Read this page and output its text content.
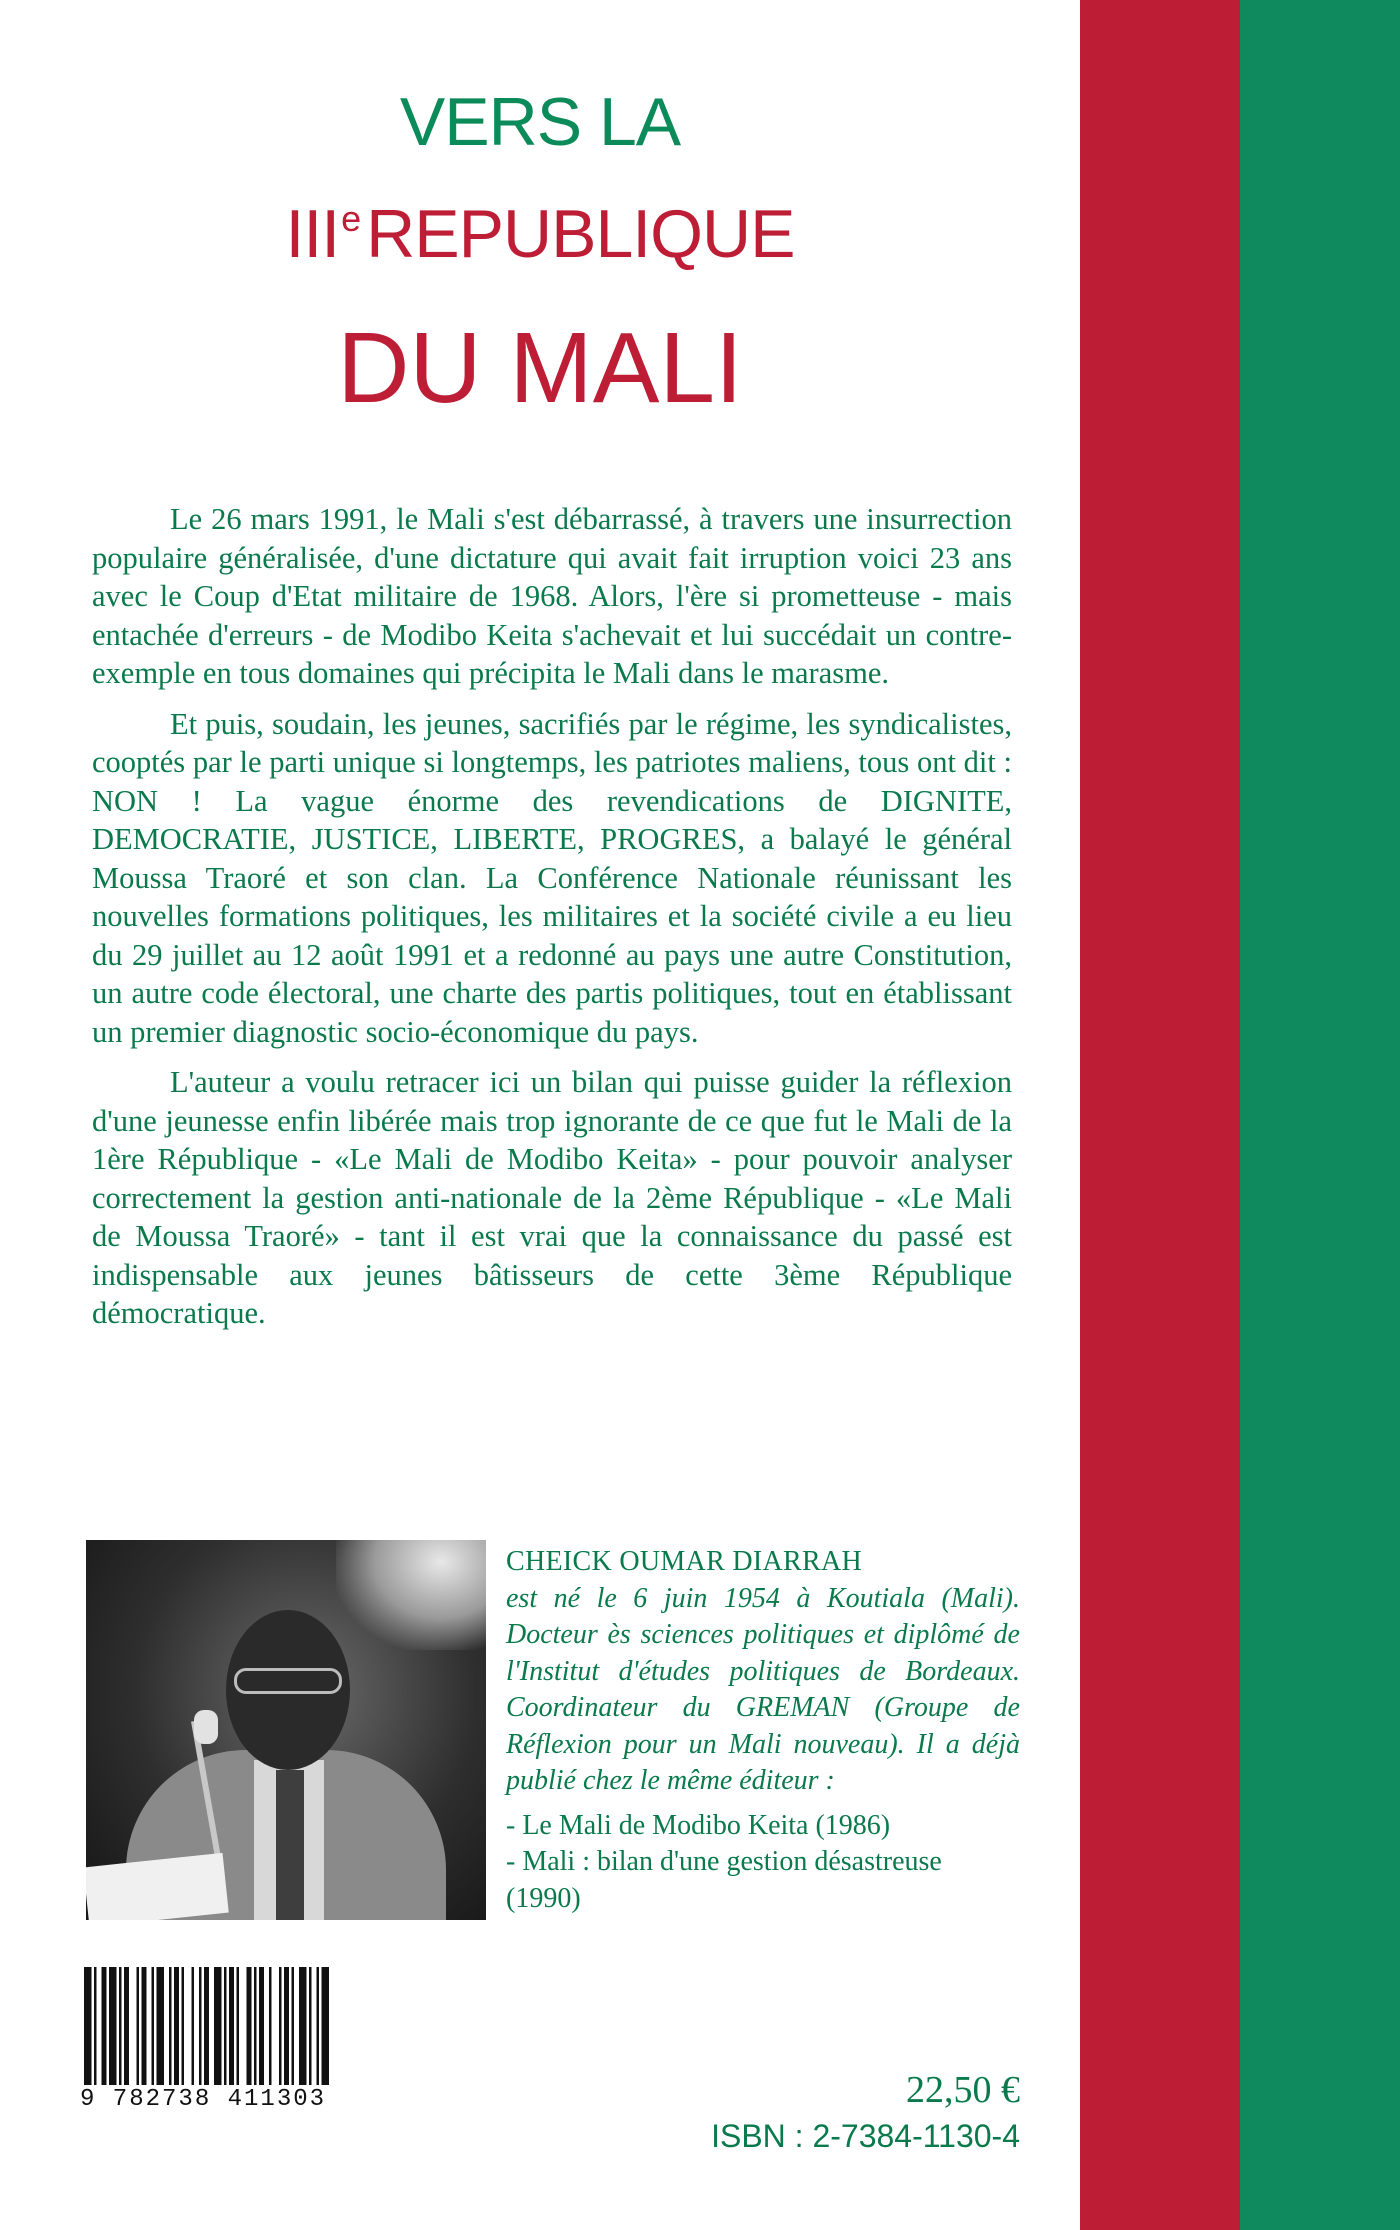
VERS LA
IIIeREPUBLIQUE
DU MALI

Le 26 mars 1991, le Mali s'est débarrassé, à travers une insurrection populaire généralisée, d'une dictature qui avait fait irruption voici 23 ans avec le Coup d'Etat militaire de 1968. Alors, l'ère si prometteuse - mais entachée d'erreurs - de Modibo Keita s'achevait et lui succédait un contre-exemple en tous domaines qui précipita le Mali dans le marasme.

Et puis, soudain, les jeunes, sacrifiés par le régime, les syndicalistes, cooptés par le parti unique si longtemps, les patriotes maliens, tous ont dit : NON ! La vague énorme des revendications de DIGNITE, DEMOCRATIE, JUSTICE, LIBERTE, PROGRES, a balayé le général Moussa Traoré et son clan. La Conférence Nationale réunissant les nouvelles formations politiques, les militaires et la société civile a eu lieu du 29 juillet au 12 août 1991 et a redonné au pays une autre Constitution, un autre code électoral, une charte des partis politiques, tout en établissant un premier diagnostic socio-économique du pays.

L'auteur a voulu retracer ici un bilan qui puisse guider la réflexion d'une jeunesse enfin libérée mais trop ignorante de ce que fut le Mali de la 1ère République - «Le Mali de Modibo Keita» - pour pouvoir analyser correctement la gestion anti-nationale de la 2ème République - «Le Mali de Moussa Traoré» - tant il est vrai que la connaissance du passé est indispensable aux jeunes bâtisseurs de cette 3ème République démocratique.

CHEICK OUMAR DIARRAH

est né le 6 juin 1954 à Koutiala (Mali). Docteur ès sciences politiques et diplômé de l'Institut d'études politiques de Bordeaux. Coordinateur du GREMAN (Groupe de Réflexion pour un Mali nouveau). Il a déjà publié chez le même éditeur :

- Le Mali de Modibo Keita (1986)
- Mali : bilan d'une gestion désastreuse (1990)
9 782738 411303	22,50 €
ISBN : 2-7384-1130-4
